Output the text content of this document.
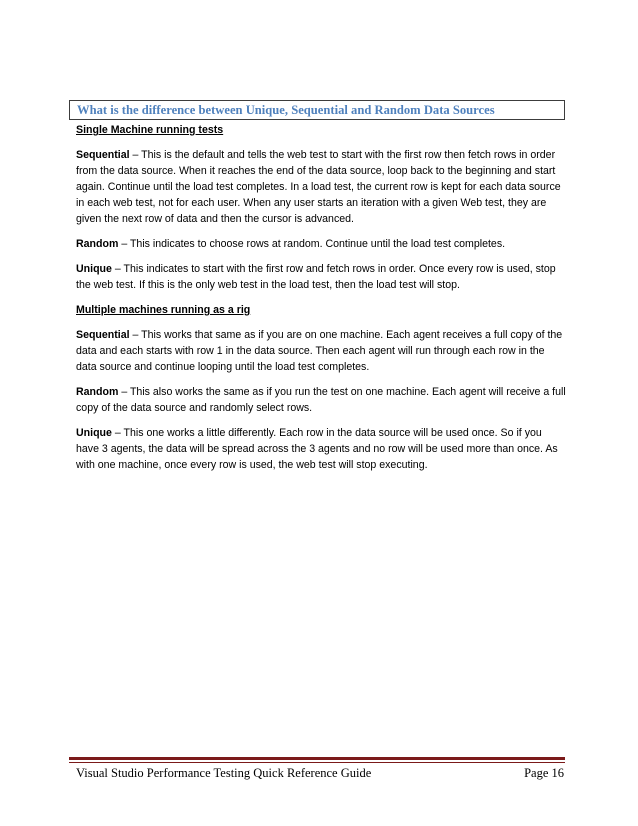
What is the difference between Unique, Sequential and Random Data Sources
Single Machine running tests

Sequential – This is the default and tells the web test to start with the first row then fetch rows in order from the data source. When it reaches the end of the data source, loop back to the beginning and start again. Continue until the load test completes. In a load test, the current row is kept for each data source in each web test, not for each user. When any user starts an iteration with a given Web test, they are given the next row of data and then the cursor is advanced.

Random – This indicates to choose rows at random. Continue until the load test completes.

Unique – This indicates to start with the first row and fetch rows in order. Once every row is used, stop the web test. If this is the only web test in the load test, then the load test will stop.

Multiple machines running as a rig

Sequential – This works that same as if you are on one machine. Each agent receives a full copy of the data and each starts with row 1 in the data source. Then each agent will run through each row in the data source and continue looping until the load test completes.

Random – This also works the same as if you run the test on one machine. Each agent will receive a full copy of the data source and randomly select rows.

Unique – This one works a little differently. Each row in the data source will be used once. So if you have 3 agents, the data will be spread across the 3 agents and no row will be used more than once. As with one machine, once every row is used, the web test will stop executing.

Visual Studio Performance Testing Quick Reference Guide	Page 16
